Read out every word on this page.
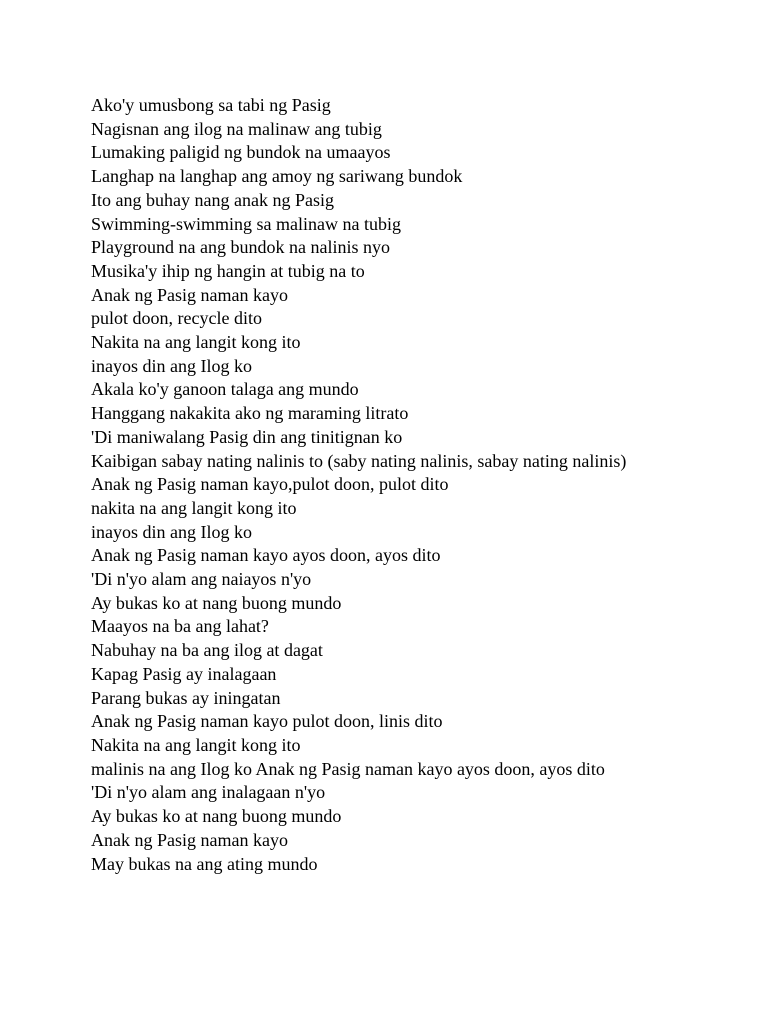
Ako'y umusbong sa tabi ng Pasig
Nagisnan ang ilog na malinaw ang tubig
Lumaking paligid ng bundok na umaayos
Langhap na langhap ang amoy ng sariwang bundok
Ito ang buhay nang anak ng Pasig
Swimming-swimming sa malinaw na tubig
Playground na ang bundok na nalinis nyo
Musika'y ihip ng hangin at tubig na to
Anak ng Pasig naman kayo
pulot doon, recycle dito
Nakita na ang langit kong ito
inayos din ang Ilog ko
Akala ko'y ganoon talaga ang mundo
Hanggang nakakita ako ng maraming litrato
'Di maniwalang Pasig din ang tinitignan ko
Kaibigan sabay nating nalinis to (saby nating nalinis, sabay nating nalinis)
Anak ng Pasig naman kayo,pulot doon, pulot dito
nakita na ang langit kong ito
inayos din ang Ilog ko
Anak ng Pasig naman kayo ayos doon, ayos dito
'Di n'yo alam ang naiayos n'yo
Ay bukas ko at nang buong mundo
Maayos na ba ang lahat?
Nabuhay na ba ang ilog at dagat
Kapag Pasig ay inalagaan
Parang bukas ay iningatan
Anak ng Pasig naman kayo pulot doon, linis dito
Nakita na ang langit kong ito
malinis na ang Ilog ko Anak ng Pasig naman kayo ayos doon, ayos dito
'Di n'yo alam ang inalagaan n'yo
Ay bukas ko at nang buong mundo
Anak ng Pasig naman kayo
May bukas na ang ating mundo
